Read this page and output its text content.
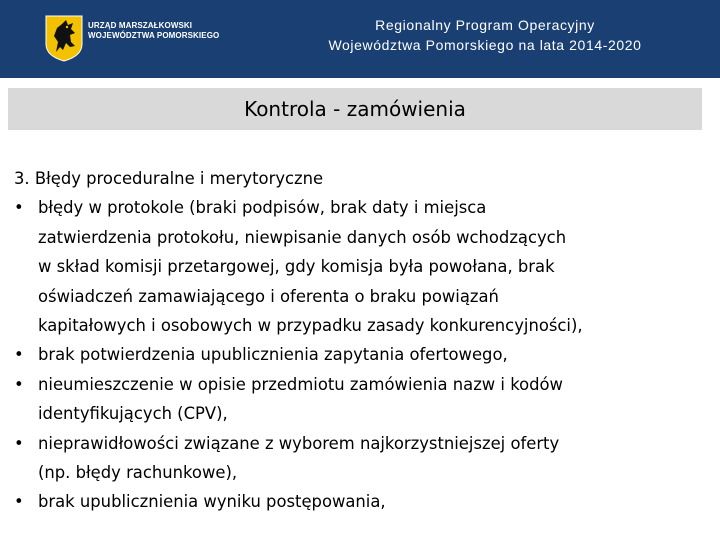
URZĄD MARSZAŁKOWSKI
WOJEWÓDZTWA POMORSKIEGO
Regionalny Program Operacyjny
Województwa Pomorskiego na lata 2014-2020
Kontrola - zamówienia
3. Błędy proceduralne i merytoryczne
• błędy w protokole (braki podpisów, brak daty i miejsca
zatwierdzenia protokołu, niewpisanie danych osób wchodzących
w skład komisji przetargowej, gdy komisja była powołana, brak
oświadczeń zamawiającego i oferenta o braku powiązań
kapitałowych i osobowych w przypadku zasady konkurencyjności),
• brak potwierdzenia upublicznienia zapytania ofertowego,
• nieumieszczenie w opisie przedmiotu zamówienia nazw i kodów
identyfikujących (CPV),
• nieprawidłowości związane z wyborem najkorzystniejszej oferty
(np. błędy rachunkowe),
• brak upublicznienia wyniku postępowania,
